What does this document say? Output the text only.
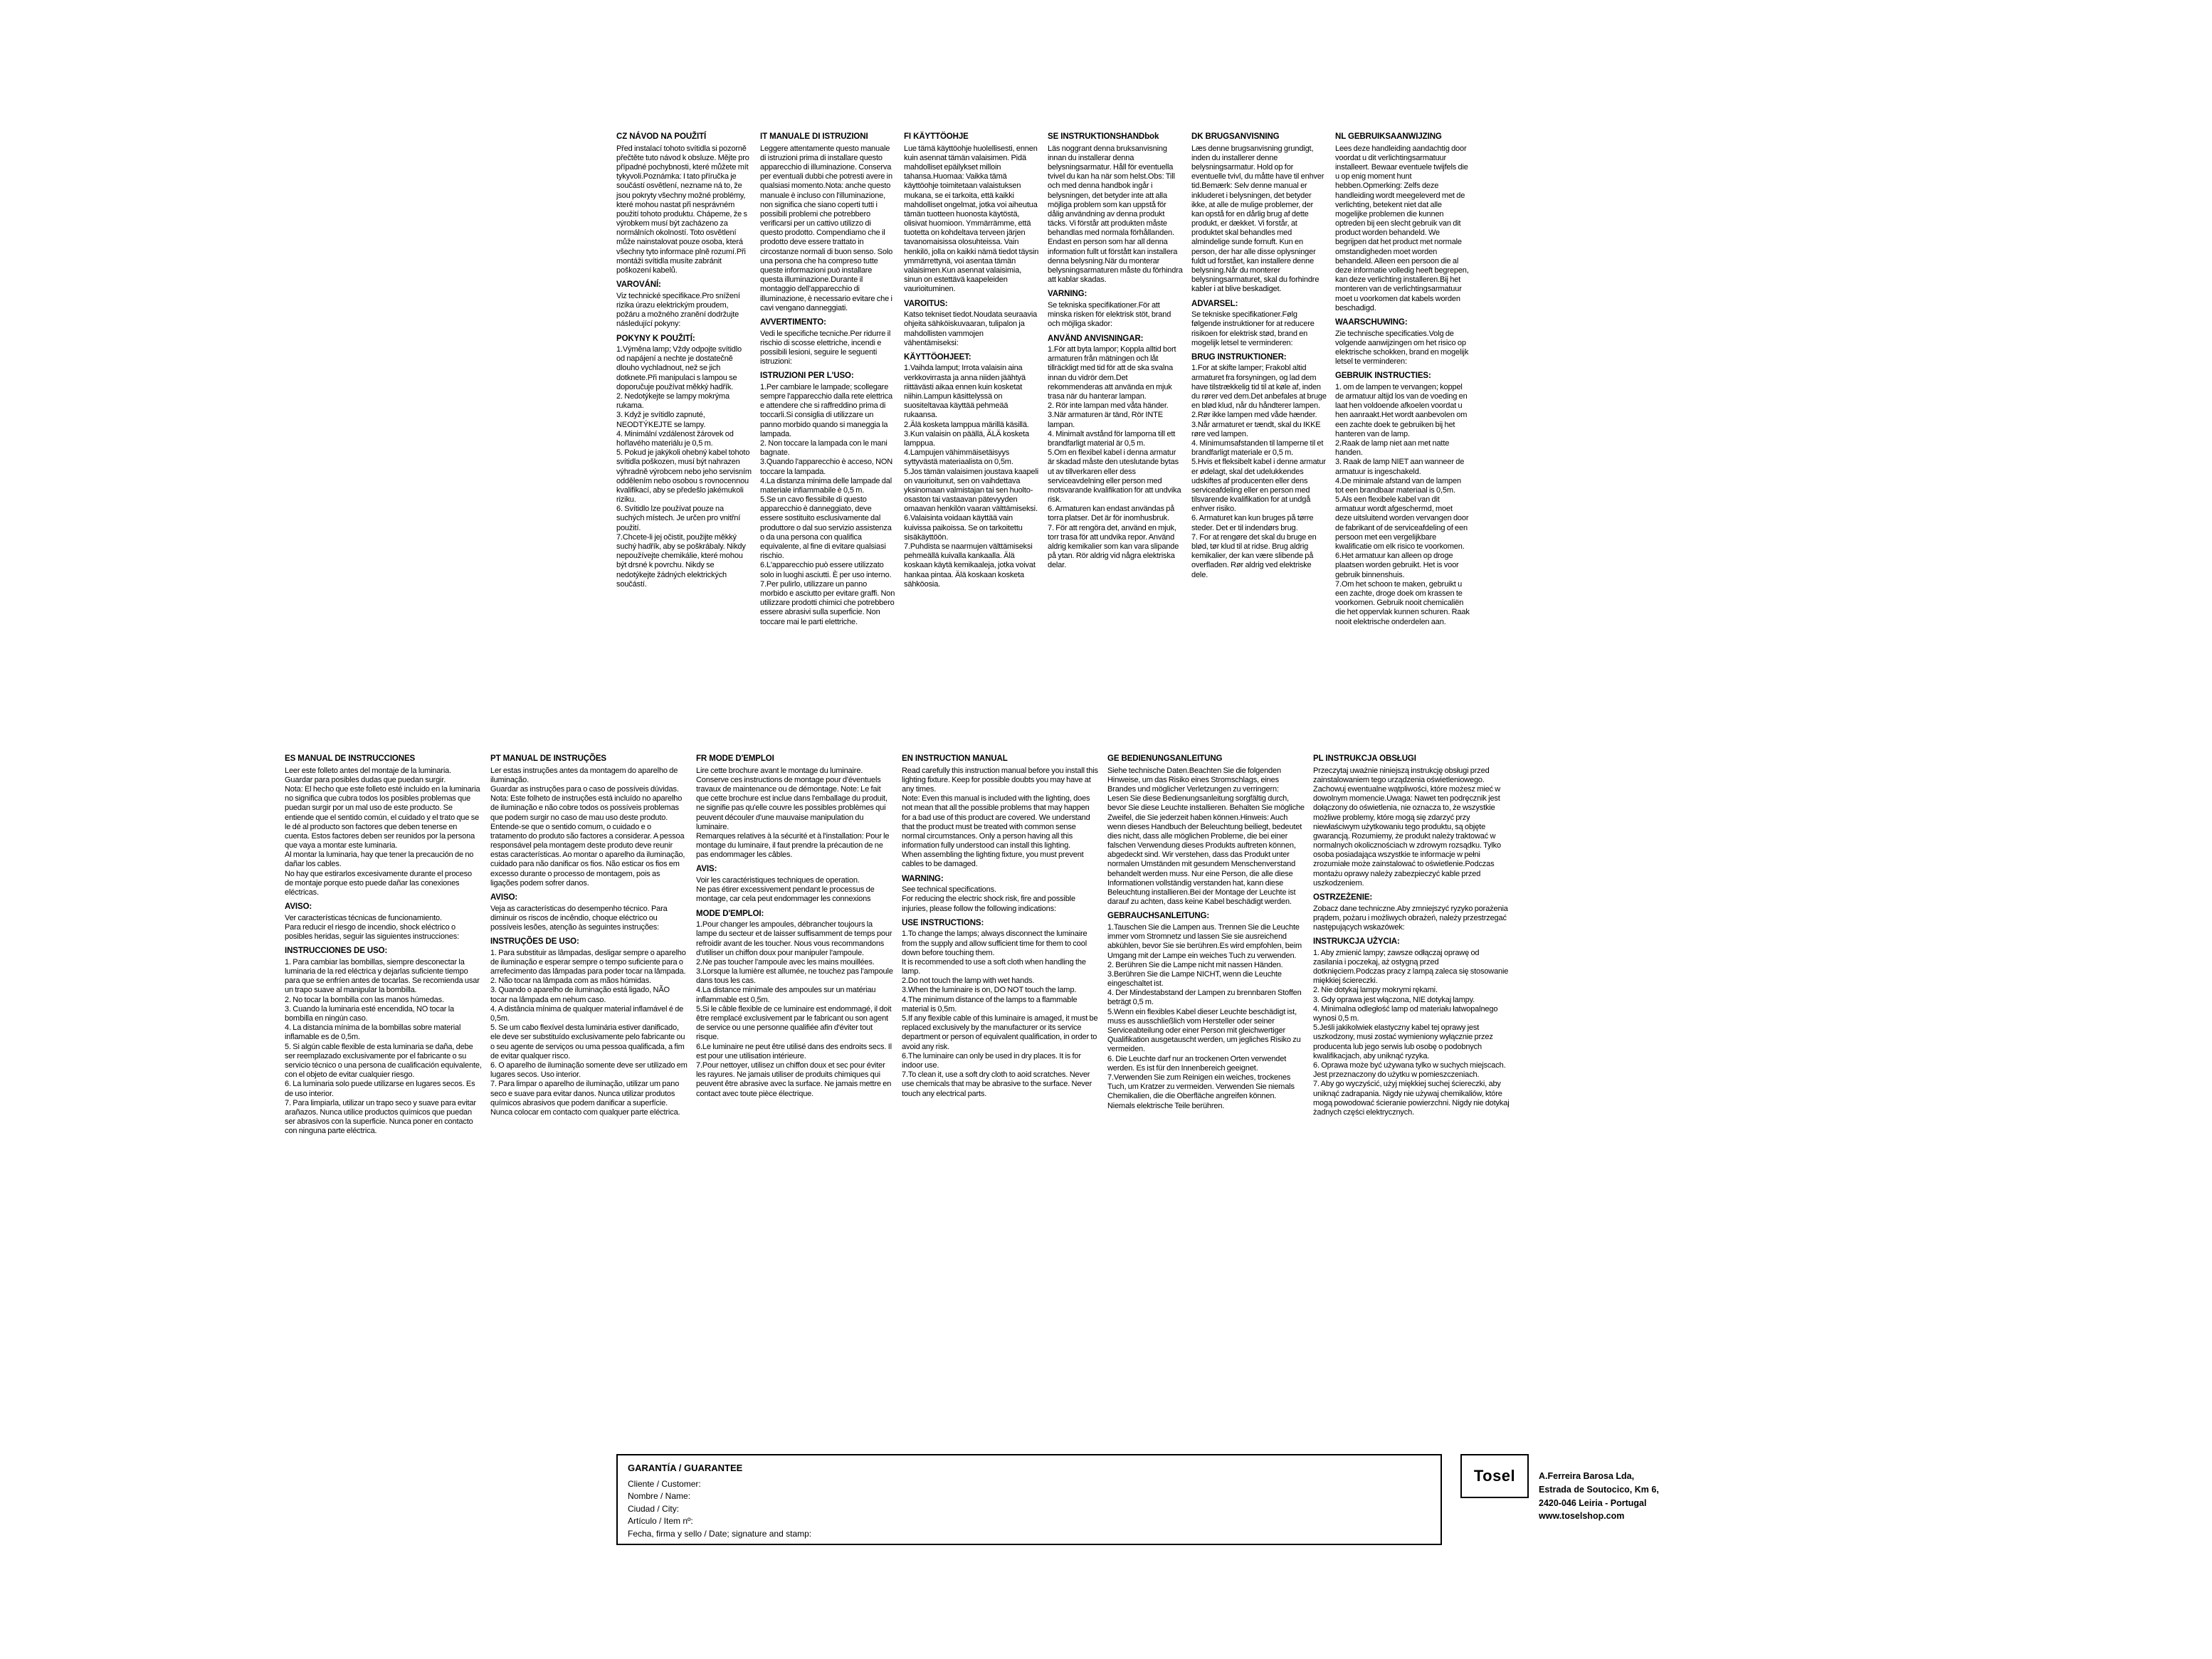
CZ NÁVOD NA POUŽITÍ

Před instalací tohoto svítidla si pozorně přečtěte tuto návod k obsluze. Mějte pro případné pochybnosti, které můžete mít tykyvoli.Poznámka: I tato příručka je součástí osvětlení, nezname ná to, že jsou pokryty všechny možné problémy, které mohou nastat při nesprávném použití tohoto produktu. Chápeme, že s výrobkem musí být zacházeno za normálních okolností. Toto osvětlení může nainstalovat pouze osoba, která všechny tyto informace plně rozumí.Při montáži svítidla musíte zabránit poškození kabelů.

VAROVÁNÍ:

Viz technické specifikace.Pro snížení rizika úrazu elektrickým proudem, požáru a možného zranění dodržujte následující pokyny:

POKYNY K POUŽITÍ:

1.Výměna lamp; Vždy odpojte svítidlo od napájení a nechte je dostatečně dlouho vychladnout, než se jich dotknete.Při manipulaci s lampou se doporučuje používat měkký hadřík.
2. Nedotýkejte se lampy mokrýma rukama.
3. Když je svítidlo zapnuté, NEODTÝKEJTE se lampy.
4. Minimální vzdálenost žárovek od hořlavého materiálu je 0,5 m.
5. Pokud je jakýkoli ohebný kabel tohoto svítidla poškozen, musí být nahrazen výhradně výrobcem nebo jeho servisním oddělením nebo osobou s rovnocennou kvalifikací, aby se předešlo jakémukoli riziku.
6. Svítidlo lze používat pouze na suchých místech. Je určen pro vnitřní použití.
7.Chcete-li jej očistit, použijte měkký suchý hadřík, aby se poškrábaly. Nikdy nepoužívejte chemikálie, které mohou být drsné k povrchu. Nikdy se nedotýkejte žádných elektrických součástí.

IT MANUALE DI ISTRUZIONI

Leggere attentamente questo manuale di istruzioni prima di installare questo apparecchio di illuminazione. Conserva per eventuali dubbi che potresti avere in qualsiasi momento.Nota: anche questo manuale è incluso con l'illuminazione, non significa che siano coperti tutti i possibili problemi che potrebbero verificarsi per un cattivo utilizzo di questo prodotto. Compendiamo che il prodotto deve essere trattato in circostanze normali di buon senso. Solo una persona che ha compreso tutte queste informazioni può installare questa illuminazione.Durante il montaggio dell'apparecchio di illuminazione, è necessario evitare che i cavi vengano danneggiati.

AVVERTIMENTO:

Vedi le specifiche tecniche.Per ridurre il rischio di scosse elettriche, incendi e possibili lesioni, seguire le seguenti istruzioni:

ISTRUZIONI PER L'USO:

1.Per cambiare le lampade; scollegare sempre l'apparecchio dalla rete elettrica e attendere che si raffreddino prima di toccarli.Si consiglia di utilizzare un panno morbido quando si maneggia la lampada.
2. Non toccare la lampada con le mani bagnate.
3.Quando l'apparecchio è acceso, NON toccare la lampada.
4.La distanza minima delle lampade dal materiale infiammabile è 0,5 m.
5.Se un cavo flessibile di questo apparecchio è danneggiato, deve essere sostituito esclusivamente dal produttore o dal suo servizio assistenza o da una persona con qualifica equivalente, al fine di evitare qualsiasi rischio.
6.L'apparecchio può essere utilizzato solo in luoghi asciutti. È per uso interno.
7.Per pulirlo, utilizzare un panno morbido e asciutto per evitare graffi. Non utilizzare prodotti chimici che potrebbero essere abrasivi sulla superficie. Non toccare mai le parti elettriche.

FI KÄYTTÖOHJE

Lue tämä käyttöohje huolellisesti, ennen kuin asennat tämän valaisimen. Pidä mahdolliset epäilykset milloin tahansa.Huomaa: Vaikka tämä käyttöohje toimitetaan valaistuksen mukana, se ei tarkoita, että kaikki mahdolliset ongelmat, jotka voi aiheutua tämän tuotteen huonosta käytöstä, olisivat huomioon. Ymmärrämme, että tuotetta on kohdeltava terveen järjen tavanomaisissa olosuhteissa. Vain henkilö, jolla on kaikki nämä tiedot täysin ymmärrettynä, voi asentaa tämän valaisimen.Kun asennat valaisimia, sinun on estettävä kaapeleiden vaurioituminen.

VAROITUS:

Katso tekniset tiedot.Noudata seuraavia ohjeita sähköiskuvaaran, tulipalon ja mahdollisten vammojen vähentämiseksi:

KÄYTTÖOHJEET:

1.Vaihda lamput; Irrota valaisin aina verkkovirrasta ja anna niiden jäähtyä riittävästi aikaa ennen kuin kosketat niihin.Lampun käsittelyssä on suositeltavaa käyttää pehmeää rukaansa.
2.Älä kosketa lamppua märillä käsillä.
3.Kun valaisin on päällä, ÄLÄ kosketa lamppua.
4.Lampujen vähimmäisetäisyys syttyvästä materiaalista on 0,5m.
5.Jos tämän valaisimen joustava kaapeli on vaurioitunut, sen on vaihdettava yksinomaan valmistajan tai sen huolto-osaston tai vastaavan pätevyyden omaavan henkilön vaaran välttämiseksi.
6.Valaisinta voidaan käyttää vain kuivissa paikoissa. Se on tarkoitettu sisäkäyttöön.
7.Puhdista se naarmujen välttämiseksi pehmeällä kuivalla kankaalla. Älä koskaan käytä kemikaaleja, jotka voivat hankaa pintaa. Älä koskaan kosketa sähköosia.

SE INSTRUKTIONSHANDbok

Läs noggrant denna bruksanvisning innan du installerar denna belysningsarmatur. Håll för eventuella tvivel du kan ha när som helst.Obs: Till och med denna handbok ingår i belysningen, det betyder inte att alla möjliga problem som kan uppstå för dålig användning av denna produkt täcks. Vi förstår att produkten måste behandlas med normala förhållanden. Endast en person som har all denna information fullt ut förstått kan installera denna belysning.När du monterar belysningsarmaturen måste du förhindra att kablar skadas.

VARNING:

Se tekniska specifikationer.För att minska risken för elektrisk stöt, brand och möjliga skador:

ANVÄND ANVISNINGAR:

1.För att byta lampor; Koppla alltid bort armaturen från mätningen och låt tillräckligt med tid för att de ska svalna innan du vidrör dem.Det rekommenderas att använda en mjuk trasa när du hanterar lampan.
2. Rör inte lampan med våta händer.
3.När armaturen är tänd, Rör INTE lampan.
4. Minimalt avstånd för lamporna till ett brandfarligt material är 0,5 m.
5.Om en flexibel kabel i denna armatur är skadad måste den uteslutande bytas ut av tillverkaren eller dess serviceavdelning eller person med motsvarande kvalifikation för att undvika risk.
6. Armaturen kan endast användas på torra platser. Det är för inomhusbruk.
7. För att rengöra det, använd en mjuk, torr trasa för att undvika repor. Använd aldrig kemikalier som kan vara slipande på ytan. Rör aldrig vid några elektriska delar.

DK BRUGSANVISNING

Læs denne brugsanvisning grundigt, inden du installerer denne belysningsarmatur. Hold op for eventuelle tvivl, du måtte have til enhver tid.Bemærk: Selv denne manual er inkluderet i belysningen, det betyder ikke, at alle de mulige problemer, der kan opstå for en dårlig brug af dette produkt, er dækket. Vi forstår, at produktet skal behandles med almindelige sunde fornuft. Kun en person, der har alle disse oplysninger fuldt ud forstået, kan installere denne belysning.Når du monterer belysningsarmaturet, skal du forhindre kabler i at blive beskadiget.

ADVARSEL:

Se tekniske specifikationer.Følg følgende instruktioner for at reducere risikoen for elektrisk stød, brand en mogelijk letsel te verminderen:

BRUG INSTRUKTIONER:

1.For at skifte lamper; Frakobl altid armaturet fra forsyningen, og lad dem have tilstrækkelig tid til at køle af, inden du rører ved dem.Det anbefales at bruge en blød klud, når du håndterer lampen.
2.Rør ikke lampen med våde hænder.
3.Når armaturet er tændt, skal du IKKE røre ved lampen.
4. Minimumsafstanden til lamperne til et brandfarligt materiale er 0,5 m.
5.Hvis et fleksibelt kabel i denne armatur er ødelagt, skal det udelukkendes udskiftes af producenten eller dens serviceafdeling eller en person med tilsvarende kvalifikation for at undgå enhver risiko.
6. Armaturet kan kun bruges på tørre steder. Det er til indendørs brug.
7. For at rengøre det skal du bruge en blød, tør klud til at ridse. Brug aldrig kemikalier, der kan være slibende på overfladen. Rør aldrig ved elektriske dele.

NL GEBRUIKSAANWIJZING

Lees deze handleiding aandachtig door voordat u dit verlichtingsarmatuur installeert. Bewaar eventuele twijfels die u op enig moment hunt hebben.Opmerking: Zelfs deze handleiding wordt meegeleverd met de verlichting, betekent niet dat alle mogelijke problemen die kunnen optreden bij een slecht gebruik van dit product worden behandeld. We begrijpen dat het product met normale omstandigheden moet worden behandeld. Alleen een persoon die al deze informatie volledig heeft begrepen, kan deze verlichting installeren.Bij het monteren van de verlichtingsarmatuur moet u voorkomen dat kabels worden beschadigd.

WAARSCHUWING:

Zie technische specificaties.Volg de volgende aanwijzingen om het risico op elektrische schokken, brand en mogelijk letsel te verminderen:

GEBRUIK INSTRUCTIES:

1. om de lampen te vervangen; koppel de armatuur altijd los van de voeding en laat hen voldoende afkoelen voordat u hen aanraakt.Het wordt aanbevolen om een zachte doek te gebruiken bij het hanteren van de lamp.
2.Raak de lamp niet aan met natte handen.
3. Raak de lamp NIET aan wanneer de armatuur is ingeschakeld.
4.De minimale afstand van de lampen tot een brandbaar materiaal is 0,5m.
5.Als een flexibele kabel van dit armatuur wordt afgeschermd, moet deze uitsluitend worden vervangen door de fabrikant of de serviceafdeling of een persoon met een vergelijkbare kwalificatie om elk risico te voorkomen.
6.Het armatuur kan alleen op droge plaatsen worden gebruikt. Het is voor gebruik binnenshuis.
7.Om het schoon te maken, gebruikt u een zachte, droge doek om krassen te voorkomen. Gebruik nooit chemicaliën die het oppervlak kunnen schuren. Raak nooit elektrische onderdelen aan.

ES MANUAL DE INSTRUCCIONES

Leer este folleto antes del montaje de la luminaria.
Guardar para posibles dudas que puedan surgir.
Nota: El hecho que este folleto esté incluido en la luminaria no significa que cubra todos los posibles problemas que puedan surgir por un mal uso de este producto. Se entiende que el sentido común, el cuidado y el trato que se le dé al producto son factores que deben tenerse en cuenta. Estos factores deben ser reunidos por la persona que vaya a montar este luminaria.
Al montar la luminaria, hay que tener la precaución de no dañar los cables.
No hay que estirarlos excesivamente durante el proceso de montaje porque esto puede dañar las conexiones eléctricas.

AVISO:

Ver características técnicas de funcionamiento.
Para reducir el riesgo de incendio, shock eléctrico o posibles heridas, seguir las siguientes instrucciones:

INSTRUCCIONES DE USO:

1. Para cambiar las bombillas, siempre desconectar la luminaria de la red eléctrica y dejarlas suficiente tiempo para que se enfríen antes de tocarlas. Se recomienda usar un trapo suave al manipular la bombilla.
2. No tocar la bombilla con las manos húmedas.
3. Cuando la luminaria esté encendida, NO tocar la bombilla en ningún caso.
4. La distancia mínima de la bombillas sobre material inflamable es de 0,5m.
5. Si algún cable flexible de esta luminaria se daña, debe ser reemplazado exclusivamente por el fabricante o su servicio técnico o una persona de cualificación equivalente, con el objeto de evitar cualquier riesgo.
6. La luminaria solo puede utilizarse en lugares secos. Es de uso interior.
7. Para limpiarla, utilizar un trapo seco y suave para evitar arañazos. Nunca utilice productos químicos que puedan ser abrasivos con la superficie. Nunca poner en contacto con ninguna parte eléctrica.

PT MANUAL DE INSTRUÇÕES

Ler estas instruções antes da montagem do aparelho de iluminação.
Guardar as instruções para o caso de possíveis dúvidas.
Nota: Este folheto de instruções está incluído no aparelho de iluminação e não cobre todos os possíveis problemas que podem surgir no caso de mau uso deste produto.
Entende-se que o sentido comum, o cuidado e o tratamento do produto são factores a considerar. A pessoa responsável pela montagem deste produto deve reunir estas características. Ao montar o aparelho da iluminação, cuidado para não danificar os fios. Não esticar os fios em excesso durante o processo de montagem, pois as ligações podem sofrer danos.

AVISO:

Veja as características do desempenho técnico. Para diminuir os riscos de incêndio, choque eléctrico ou possíveis lesões, atenção às seguintes instruções:

INSTRUÇÕES DE USO:

1. Para substituir as lâmpadas, desligar sempre o aparelho de iluminação e esperar sempre o tempo suficiente para o arrefecimento das lâmpadas para poder tocar na lâmpada.
2. Não tocar na lâmpada com as mãos húmidas.
3. Quando o aparelho de iluminação está ligado, NÃO tocar na lâmpada em nehum caso.
4. A distância mínima de qualquer material inflamável é de 0,5m.
5. Se um cabo flexível desta luminária estiver danificado, ele deve ser substituído exclusivamente pelo fabricante ou o seu agente de serviços ou uma pessoa qualificada, a fim de evitar qualquer risco.
6. O aparelho de iluminação somente deve ser utilizado em lugares secos. Uso interior.
7. Para limpar o aparelho de iluminação, utilizar um pano seco e suave para evitar danos. Nunca utilizar produtos químicos abrasivos que podem danificar a superfície. Nunca colocar em contacto com qualquer parte eléctrica.

FR MODE D'EMPLOI

Lire cette brochure avant le montage du luminaire.
Conserve ces instructions de montage pour d'éventuels travaux de maintenance ou de démontage. Note: Le fait que cette brochure est inclue dans l'emballage du produit, ne signifie pas qu'elle couvre les possibles problèmes qui peuvent découler d'une mauvaise manipulation du luminaire.
Remarques relatives à la sécurité et à l'installation: Pour le montage du luminaire, il faut prendre la précaution de ne pas endommager les câbles.

AVIS:

Voir les caractéristiques techniques de operation.
Ne pas étirer excessivement pendant le processus de montage, car cela peut endommager les connexions

MODE D'EMPLOI:

1.Pour changer les ampoules, débrancher toujours la lampe du secteur et de laisser suffisamment de temps pour refroidir avant de les toucher. Nous vous recommandons d'utiliser un chiffon doux pour manipuler l'ampoule.
2.Ne pas toucher l'ampoule avec les mains mouillées.
3.Lorsque la lumière est allumée, ne touchez pas l'ampoule dans tous les cas.
4.La distance minimale des ampoules sur un matériau inflammable est 0,5m.
5.Si le câble flexible de ce luminaire est endommagé, il doit être remplacé exclusivement par le fabricant ou son agent de service ou une personne qualifiée afin d'éviter tout risque.
6.Le luminaire ne peut être utilisé dans des endroits secs. Il est pour une utilisation intérieure.
7.Pour nettoyer, utilisez un chiffon doux et sec pour éviter les rayures. Ne jamais utiliser de produits chimiques qui peuvent être abrasive avec la surface. Ne jamais mettre en contact avec toute pièce électrique.

EN INSTRUCTION MANUAL

Read carefully this instruction manual before you install this lighting fixture. Keep for possible doubts you may have at any times.
Note: Even this manual is included with the lighting, does not mean that all the possible problems that may happen for a bad use of this product are covered. We understand that the product must be treated with common sense normal circumstances. Only a person having all this information fully understood can install this lighting.
When assembling the lighting fixture, you must prevent cables to be damaged.

WARNING:

See technical specifications.
For reducing the electric shock risk, fire and possible injuries, please follow the following indications:

USE INSTRUCTIONS:

1.To change the lamps; always disconnect the luminaire from the supply and allow sufficient time for them to cool down before touching them.
It is recommended to use a soft cloth when handling the lamp.
2.Do not touch the lamp with wet hands.
3.When the luminaire is on, DO NOT touch the lamp.
4.The minimum distance of the lamps to a flammable material is 0,5m.
5.If any flexible cable of this luminaire is amaged, it must be replaced exclusively by the manufacturer or its service department or person of equivalent qualification, in order to avoid any risk.
6.The luminaire can only be used in dry places. It is for indoor use.
7.To clean it, use a soft dry cloth to aoid scratches. Never use chemicals that may be abrasive to the surface. Never touch any electrical parts.

GE BEDIENUNGSANLEITUNG

Siehe technische Daten.Beachten Sie die folgenden Hinweise, um das Risiko eines Stromschlags, eines Brandes und möglicher Verletzungen zu verringern:

Lesen Sie diese Bedienungsanleitung sorgfältig durch, bevor Sie diese Leuchte installieren. Behalten Sie mögliche Zweifel, die Sie jederzeit haben können.Hinweis: Auch wenn dieses Handbuch der Beleuchtung beiliegt, bedeutet dies nicht, dass alle möglichen Probleme, die bei einer falschen Verwendung dieses Produkts auftreten können, abgedeckt sind. Wir verstehen, dass das Produkt unter normalen Umständen mit gesundem Menschenverstand behandelt werden muss. Nur eine Person, die alle diese Informationen vollständig verstanden hat, kann diese Beleuchtung installieren.Bei der Montage der Leuchte ist darauf zu achten, dass keine Kabel beschädigt werden.

GEBRAUCHSANLEITUNG:

1.Tauschen Sie die Lampen aus. Trennen Sie die Leuchte immer vom Stromnetz und lassen Sie sie ausreichend abkühlen, bevor Sie sie berühren.Es wird empfohlen, beim Umgang mit der Lampe ein weiches Tuch zu verwenden.
2. Berühren Sie die Lampe nicht mit nassen Händen.
3.Berühren Sie die Lampe NICHT, wenn die Leuchte eingeschaltet ist.
4. Der Mindestabstand der Lampen zu brennbaren Stoffen beträgt 0,5 m.
5.Wenn ein flexibles Kabel dieser Leuchte beschädigt ist, muss es ausschließlich vom Hersteller oder seiner Serviceabteilung oder einer Person mit gleichwertiger Qualifikation ausgetauscht werden, um jegliches Risiko zu vermeiden.
6. Die Leuchte darf nur an trockenen Orten verwendet werden. Es ist für den Innenbereich geeignet.
7.Verwenden Sie zum Reinigen ein weiches, trockenes Tuch, um Kratzer zu vermeiden. Verwenden Sie niemals Chemikalien, die die Oberfläche angreifen können. Niemals elektrische Teile berühren.

PL INSTRUKCJA OBSŁUGI

Przeczytaj uważnie niniejszą instrukcję obsługi przed zainstalowaniem tego urządzenia oświetleniowego. Zachowuj ewentualne wątpliwości, które możesz mieć w dowolnym momencie.Uwaga: Nawet ten podręcznik jest dołączony do oświetlenia, nie oznacza to, że wszystkie możliwe problemy, które mogą się zdarzyć przy niewłaściwym użytkowaniu tego produktu, są objęte gwarancją. Rozumiemy, że produkt należy traktować w normalnych okolicznościach w zdrowym rozsądku. Tylko osoba posiadająca wszystkie te informacje w pełni zrozumiałe może zainstalować to oświetlenie.Podczas montażu oprawy należy zabezpieczyć kable przed uszkodzeniem.

OSTRZEŻENIE:

Zobacz dane techniczne.Aby zmniejszyć ryzyko porażenia prądem, pożaru i możliwych obrażeń, należy przestrzegać następujących wskazówek:

INSTRUKCJA UŻYCIA:

1. Aby zmienić lampy; zawsze odłączaj oprawę od zasilania i poczekaj, aż ostygną przed dotknięciem.Podczas pracy z lampą zaleca się stosowanie miękkiej ściereczki.
2. Nie dotykaj lampy mokrymi rękami.
3. Gdy oprawa jest włączona, NIE dotykaj lampy.
4. Minimalna odległość lamp od materiału łatwopalnego wynosi 0,5 m.
5.Jeśli jakikolwiek elastyczny kabel tej oprawy jest uszkodzony, musi zostać wymieniony wyłącznie przez producenta lub jego serwis lub osobę o podobnych kwalifikacjach, aby uniknąć ryzyka.
6. Oprawa może być używana tylko w suchych miejscach. Jest przeznaczony do użytku w pomieszczeniach.
7. Aby go wyczyścić, użyj miękkiej suchej ściereczki, aby uniknąć zadrapania. Nigdy nie używaj chemikaliów, które mogą powodować ścieranie powierzchni. Nigdy nie dotykaj żadnych części elektrycznych.

GARANTÍA / GUARANTEE
Cliente / Customer:
Nombre / Name:
Ciudad / City:
Artículo / Item nº:
Fecha, firma y sello / Date; signature and stamp:
Tosel	A.Ferreira Barosa Lda,
Estrada de Soutocico, Km 6,
2420-046 Leiria - Portugal
www.toselshop.com
